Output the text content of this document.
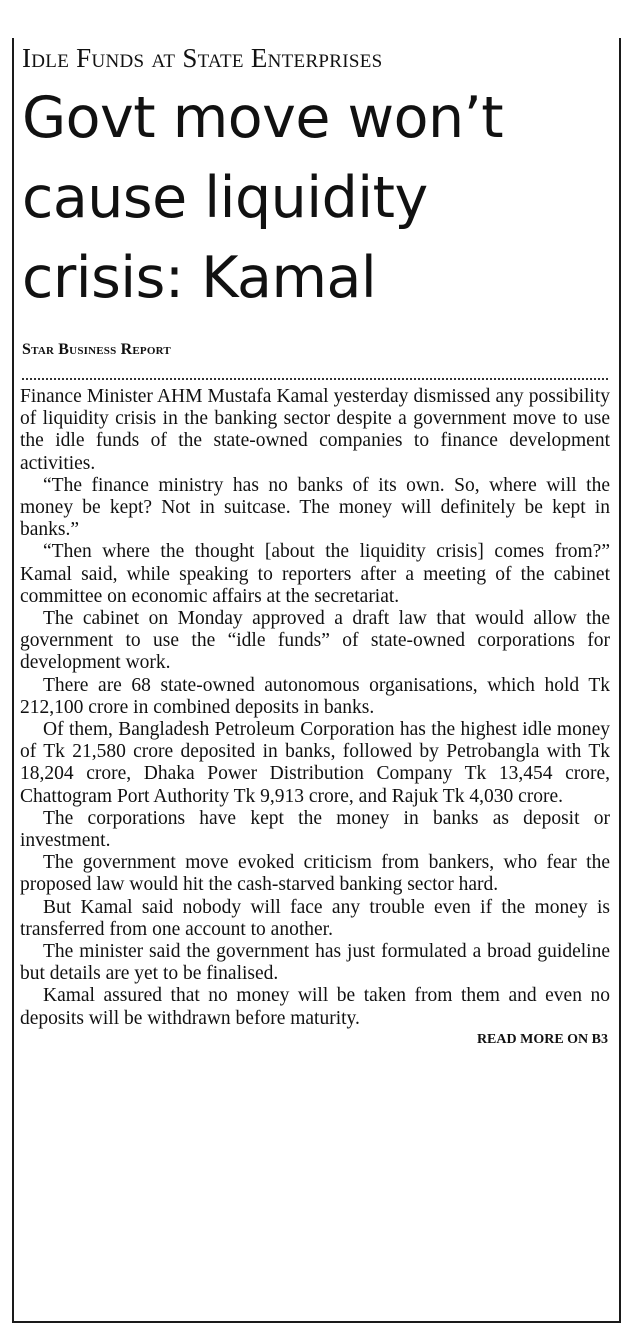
Idle Funds at State Enterprises
Govt move won’t
cause liquidity
crisis: Kamal
Star Business Report

Finance Minister AHM Mustafa Kamal yesterday dismissed any possibility of liquidity crisis in the banking sector despite a government move to use the idle funds of the state-owned companies to finance development activities.

“The finance ministry has no banks of its own. So, where will the money be kept? Not in suitcase. The money will definitely be kept in banks.”

“Then where the thought [about the liquidity crisis] comes from?” Kamal said, while speaking to reporters after a meeting of the cabinet committee on economic affairs at the secretariat.

The cabinet on Monday approved a draft law that would allow the government to use the “idle funds” of state-owned corporations for development work.

There are 68 state-owned autonomous organisations, which hold Tk 212,100 crore in combined deposits in banks.

Of them, Bangladesh Petroleum Corporation has the highest idle money of Tk 21,580 crore deposited in banks, followed by Petrobangla with Tk 18,204 crore, Dhaka Power Distribution Company Tk 13,454 crore, Chattogram Port Authority Tk 9,913 crore, and Rajuk Tk 4,030 crore.

The corporations have kept the money in banks as deposit or investment.

The government move evoked criticism from bankers, who fear the proposed law would hit the cash-starved banking sector hard.

But Kamal said nobody will face any trouble even if the money is transferred from one account to another.

The minister said the government has just formulated a broad guideline but details are yet to be finalised.

Kamal assured that no money will be taken from them and even no deposits will be withdrawn before maturity.

READ MORE ON B3
